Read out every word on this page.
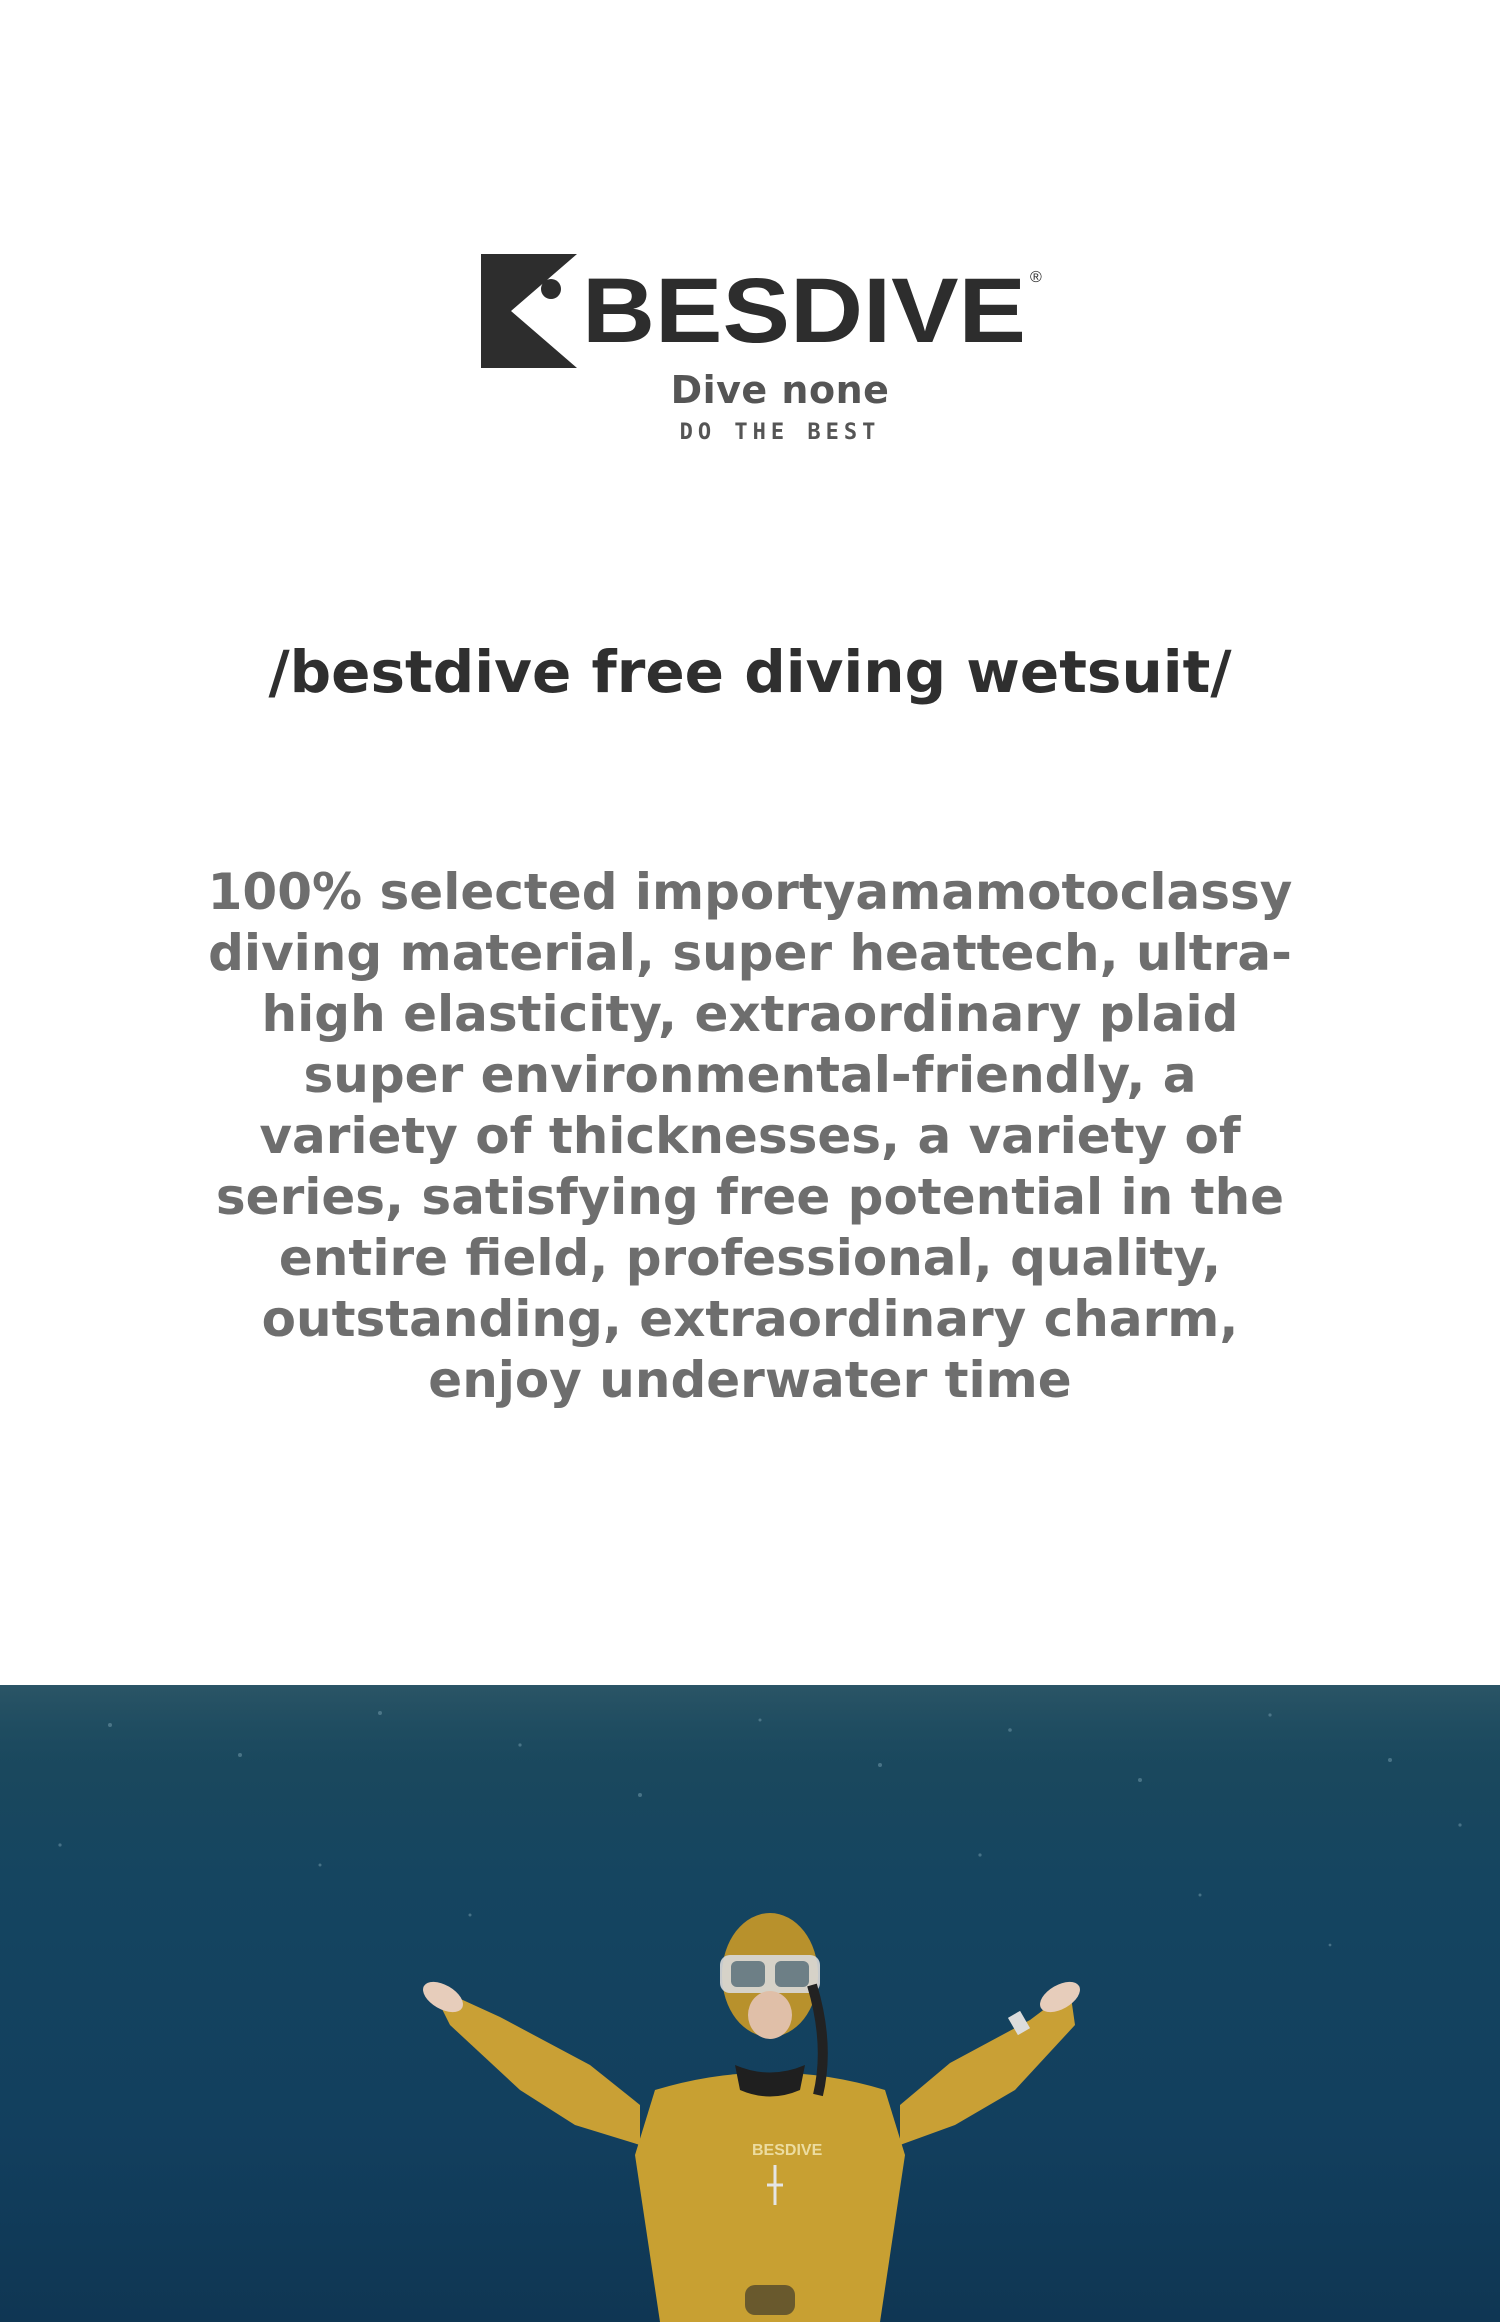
BESDIVE ®
Dive none
DO THE BEST
/bestdive free diving wetsuit/
100% selected importyamamotoclassy diving material, super heattech, ultra-high elasticity, extraordinary plaid super environmental-friendly, a variety of thicknesses, a variety of series, satisfying free potential in the entire field, professional, quality, outstanding, extraordinary charm, enjoy underwater time
BESDIVE
